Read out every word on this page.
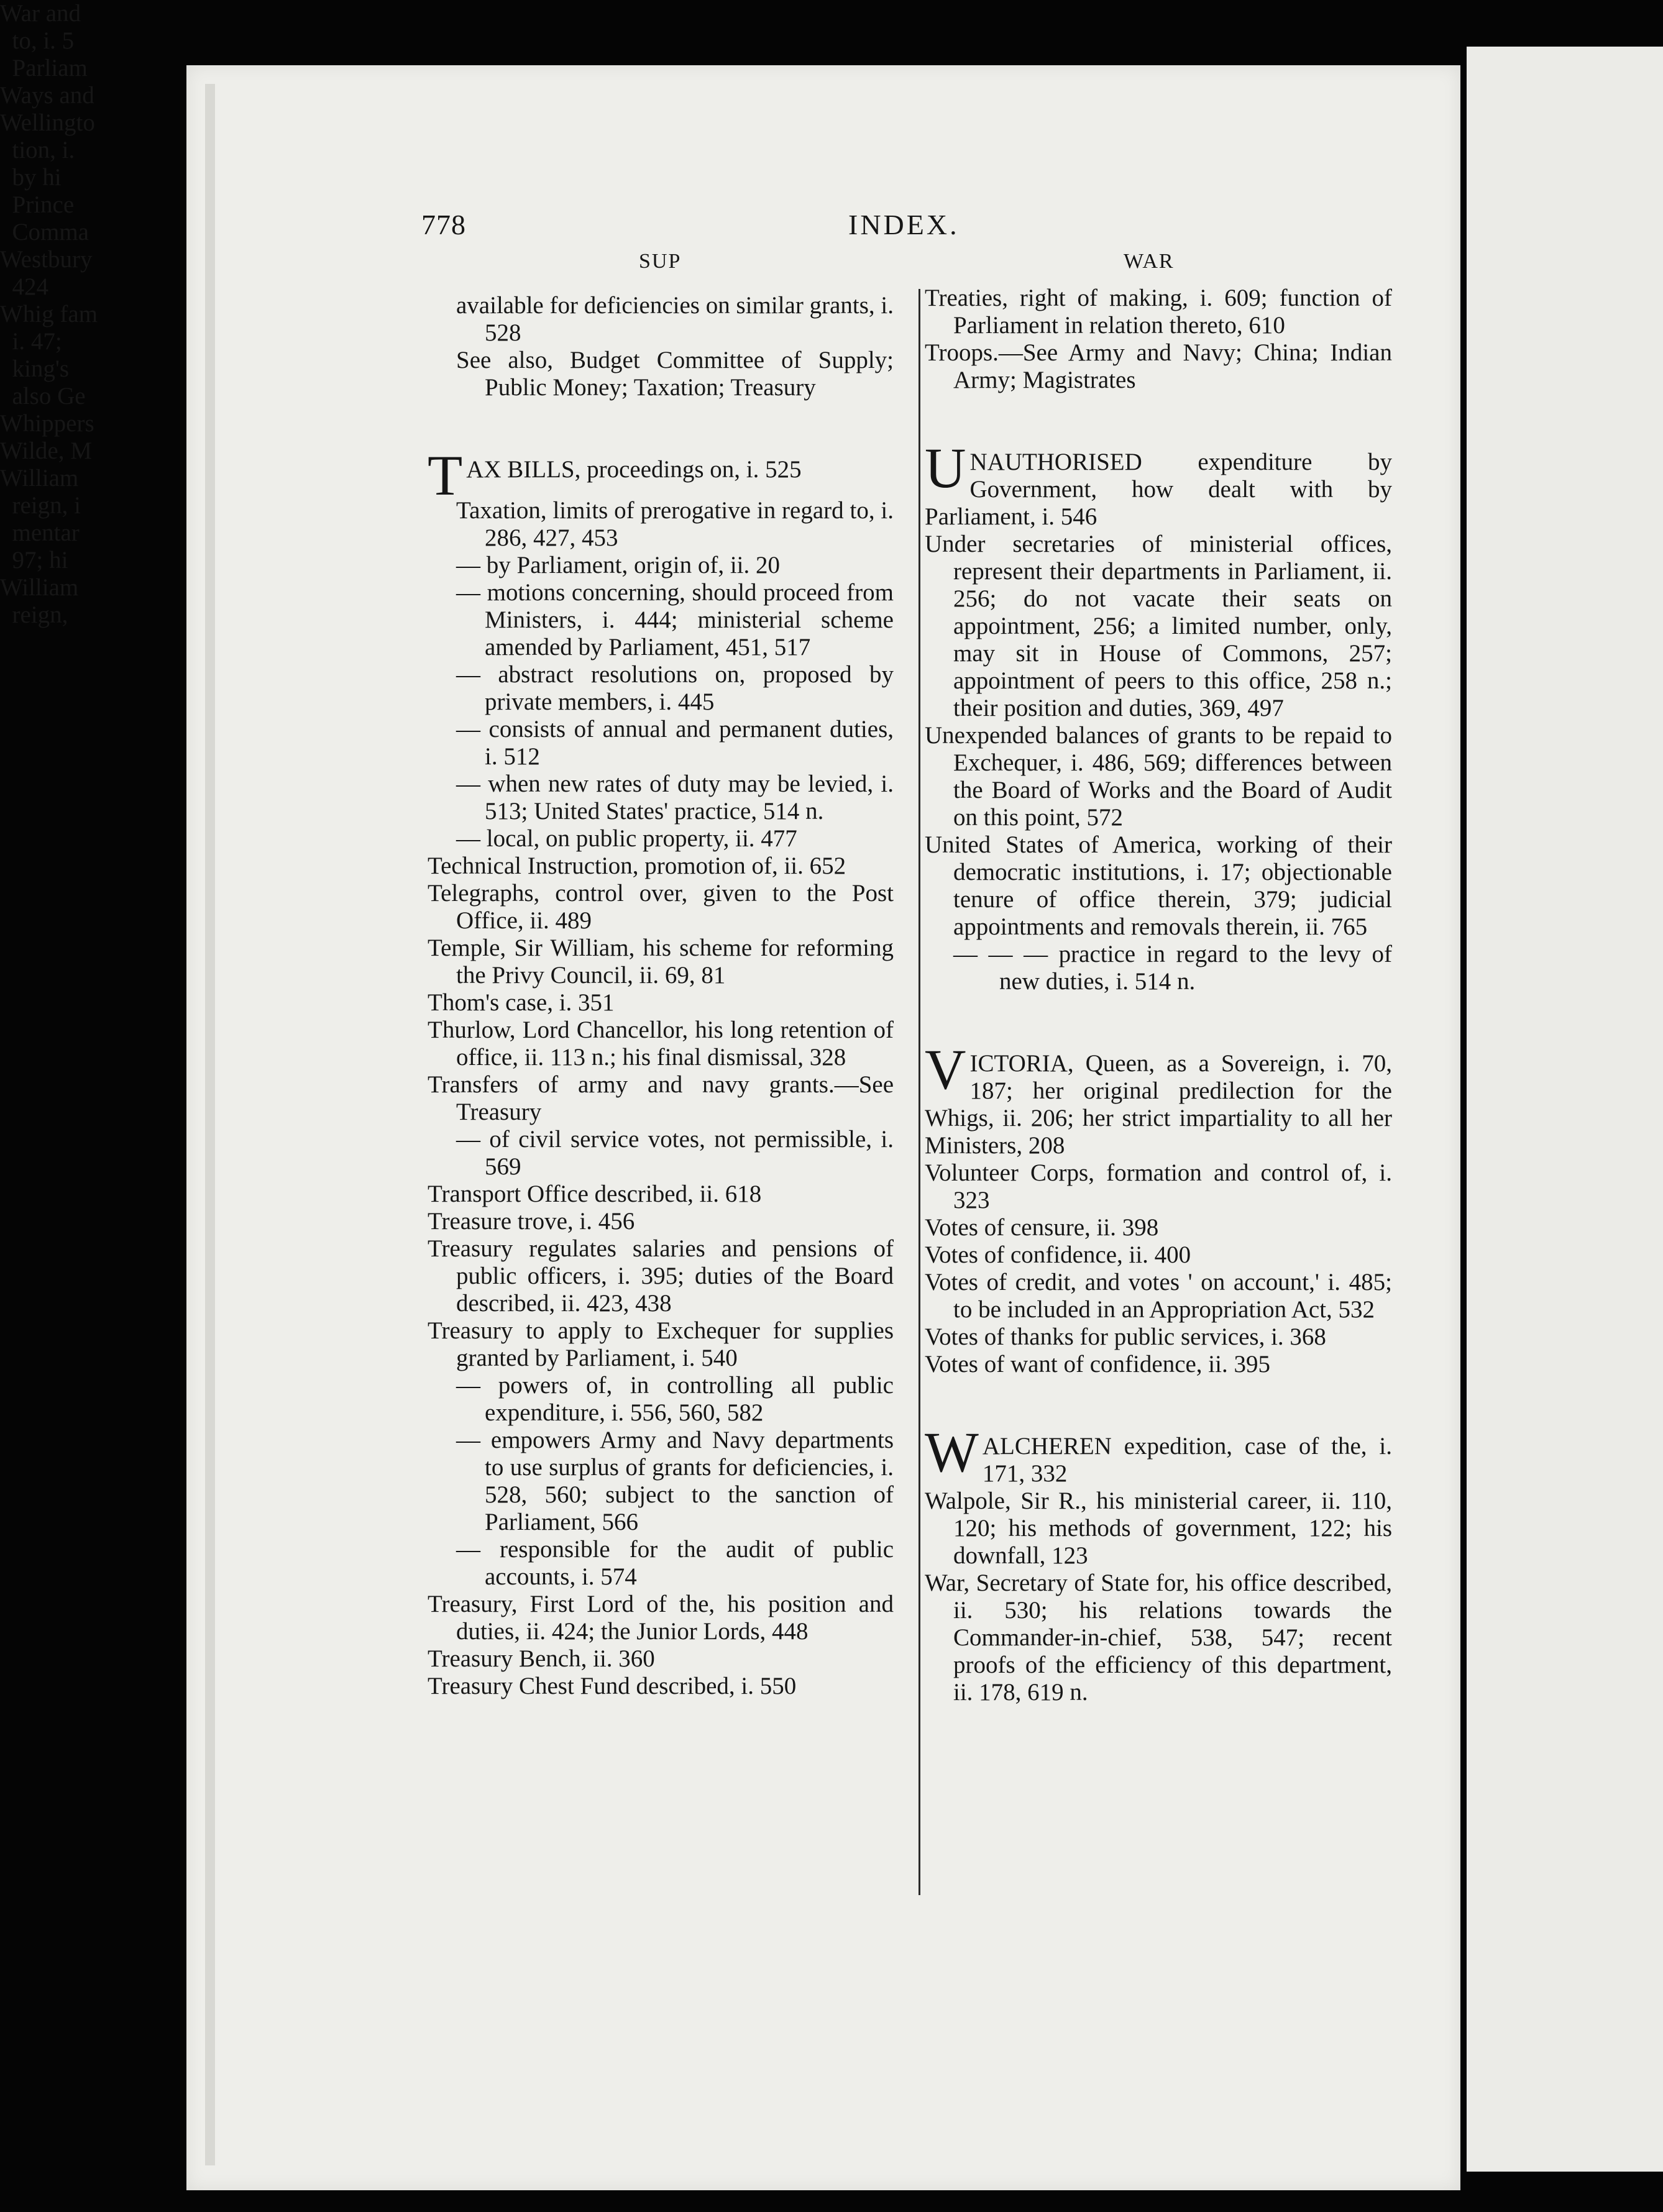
778	INDEX.
SUP	WAR
available for deficiencies on similar grants, i. 528
See also, Budget Committee of Supply; Public Money; Taxation; Treasury
TAX BILLS, proceedings on, i. 525
Taxation, limits of prerogative in regard to, i. 286, 427, 453
— by Parliament, origin of, ii. 20
— motions concerning, should proceed from Ministers, i. 444; ministerial scheme amended by Parliament, 451, 517
— abstract resolutions on, proposed by private members, i. 445
— consists of annual and permanent duties, i. 512
— when new rates of duty may be levied, i. 513; United States' practice, 514 n.
— local, on public property, ii. 477
Technical Instruction, promotion of, ii. 652
Telegraphs, control over, given to the Post Office, ii. 489
Temple, Sir William, his scheme for reforming the Privy Council, ii. 69, 81
Thom's case, i. 351
Thurlow, Lord Chancellor, his long retention of office, ii. 113 n.; his final dismissal, 328
Transfers of army and navy grants.—See Treasury
— of civil service votes, not permissible, i. 569
Transport Office described, ii. 618
Treasure trove, i. 456
Treasury regulates salaries and pensions of public officers, i. 395; duties of the Board described, ii. 423, 438
Treasury to apply to Exchequer for supplies granted by Parliament, i. 540
— powers of, in controlling all public expenditure, i. 556, 560, 582
— empowers Army and Navy departments to use surplus of grants for deficiencies, i. 528, 560; subject to the sanction of Parliament, 566
— responsible for the audit of public accounts, i. 574
Treasury, First Lord of the, his position and duties, ii. 424; the Junior Lords, 448
Treasury Bench, ii. 360
Treasury Chest Fund described, i. 550
Treaties, right of making, i. 609; function of Parliament in relation thereto, 610
Troops.—See Army and Navy; China; Indian Army; Magistrates
UNAUTHORISED expenditure by Government, how dealt with by Parliament, i. 546
Under secretaries of ministerial offices, represent their departments in Parliament, ii. 256; do not vacate their seats on appointment, 256; a limited number, only, may sit in House of Commons, 257; appointment of peers to this office, 258 n.; their position and duties, 369, 497
Unexpended balances of grants to be repaid to Exchequer, i. 486, 569; differences between the Board of Works and the Board of Audit on this point, 572
United States of America, working of their democratic institutions, i. 17; objectionable tenure of office therein, 379; judicial appointments and removals therein, ii. 765
— — — practice in regard to the levy of new duties, i. 514 n.
VICTORIA, Queen, as a Sovereign, i. 70, 187; her original predilection for the Whigs, ii. 206; her strict impartiality to all her Ministers, 208
Volunteer Corps, formation and control of, i. 323
Votes of censure, ii. 398
Votes of confidence, ii. 400
Votes of credit, and votes ' on account,' i. 485; to be included in an Appropriation Act, 532
Votes of thanks for public services, i. 368
Votes of want of confidence, ii. 395
WALCHEREN expedition, case of the, i. 171, 332
Walpole, Sir R., his ministerial career, ii. 110, 120; his methods of government, 122; his downfall, 123
War, Secretary of State for, his office described, ii. 530; his relations towards the Commander-in-chief, 538, 547; recent proofs of the efficiency of this department, ii. 178, 619 n.
War and
to, i. 5
Parliam
Ways and
Wellingto
tion, i.
by hi
Prince
Comma
Westbury
424
Whig fam
i. 47;
king's
also Ge
Whippers
Wilde, M
William
reign, i
mentar
97; hi
William
reign,
